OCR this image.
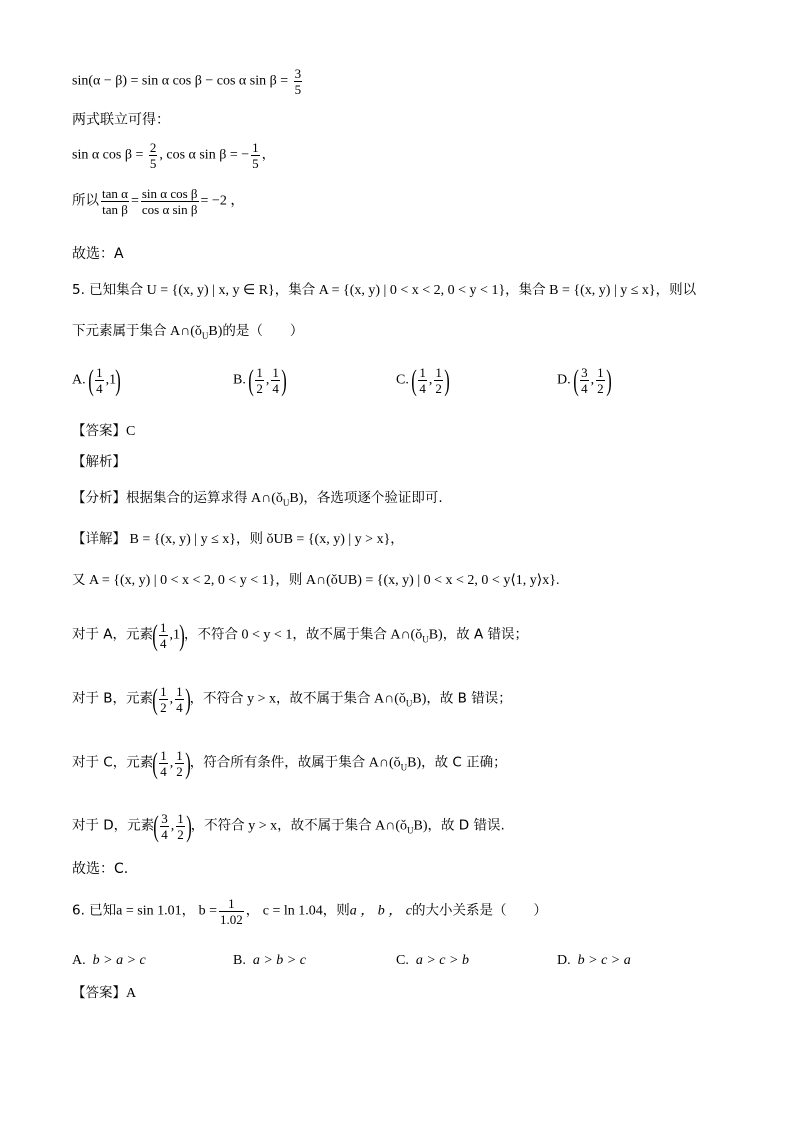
sin(α − β) = sin α cos β − cos α $\sin \beta = \frac{3}{5}$
两式联立可得：
sin α $\cos \beta = \frac{2}{5}$ , cos α sin β = − $\frac{1}{5}$ ，
所以 $\frac{\text{tan α}}{\text{tan β}} = \frac{\text{sin α cos β}}{\text{cos α sin β}} = -2$ ，
故选：A
5. 已知集合 U = {(x, y) | x, y ∈ R}，集合 A = {(x, y) | 0 < x < 2, 0 < y < 1}，集合 B = {(x, y) | y ≤ x}，则以
下元素属于集合 $A\cap(ǒ_UB)$的是（　　）
A. ( $\frac{1}{4} ,1$)	B. ( $\frac{1}{2}$ , $\frac{1}{4}$ )	C. ( $\frac{1}{4}$ , $\frac{1}{2}$ )	D. ( $\frac{3}{4}$ , $\frac{1}{2}$ )
【答案】C
【解析】
【分析】根据集合的运算求得 $A\cap(ǒ_UB)$，各选项逐个验证即可.
【详解】 B = {(x, y) | y ≤ x}，则 ǒUB = {(x, y) | y > x}，
又 A = {(x, y) | 0 < x < 2, 0 < y < 1}，则 A∩(ǒUB) = {(x, y) | 0 < x < 2, 0 < y⟨1, y⟩x}.
对于 A，元素( $\frac{1}{4} ,1$)，不符合 0 < y < 1，故不属于集合 $A\cap(ǒ_UB)$，故 A 错误；
对于 B，元素( $\frac{1}{2}$ , $\frac{1}{4}$ )，不符合 y > x，故不属于集合 $A\cap(ǒ_UB)$，故 B 错误；
对于 C，元素( $\frac{1}{4}$ , $\frac{1}{2}$ )，符合所有条件，故属于集合 $A\cap(ǒ_UB)$，故 C 正确；
对于 D，元素( $\frac{3}{4}$ , $\frac{1}{2}$ )，不符合 y > x，故不属于集合 $A\cap(ǒ_UB)$，故 D 错误.
故选：C.
6. 已知a = sin 1.01， $b = \frac{1}{1.02}$ ， c = ln 1.04，则a ， b ， c的大小关系是（　　）
A. b > a > c	B. a > b > c	C. a > c > b	D. b > c > a
【答案】A
